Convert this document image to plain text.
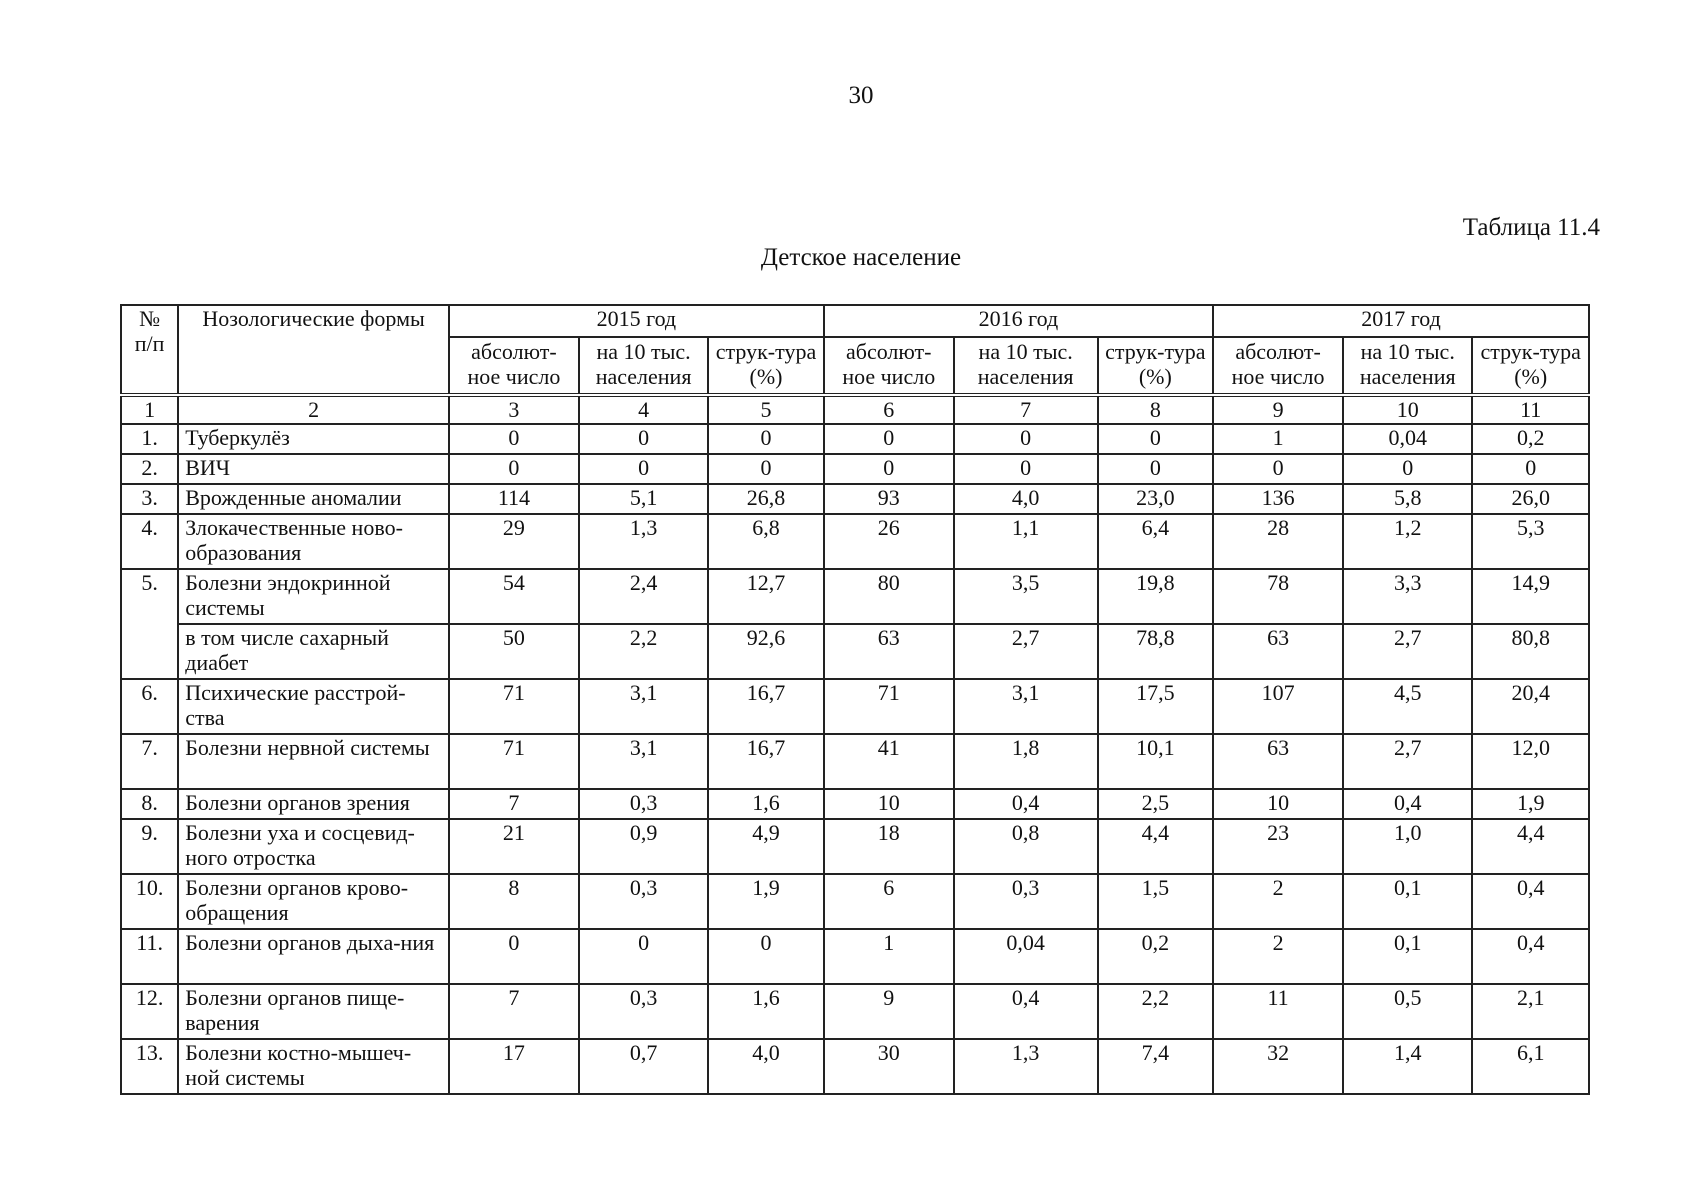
30
Таблица 11.4
Детское население
№ п/п	Нозологические формы	2015 год			2016 год			2017 год		
		абсолют-ное число	на 10 тыс. населения	струк-тура (%)	абсолют-ное число	на 10 тыс. населения	струк-тура (%)	абсолют-ное число	на 10 тыс. населения	струк-тура (%)
1	2	3	4	5	6	7	8	9	10	11
1.	Туберкулёз	0	0	0	0	0	0	1	0,04	0,2
2.	ВИЧ	0	0	0	0	0	0	0	0	0
3.	Врожденные аномалии	114	5,1	26,8	93	4,0	23,0	136	5,8	26,0
4.	Злокачественные ново-образования	29	1,3	6,8	26	1,1	6,4	28	1,2	5,3
5.	Болезни эндокринной системы	54	2,4	12,7	80	3,5	19,8	78	3,3	14,9
	в том числе сахарный диабет	50	2,2	92,6	63	2,7	78,8	63	2,7	80,8
6.	Психические расстрой-ства	71	3,1	16,7	71	3,1	17,5	107	4,5	20,4
7.	Болезни нервной системы	71	3,1	16,7	41	1,8	10,1	63	2,7	12,0
8.	Болезни органов зрения	7	0,3	1,6	10	0,4	2,5	10	0,4	1,9
9.	Болезни уха и сосцевид-ного отростка	21	0,9	4,9	18	0,8	4,4	23	1,0	4,4
10.	Болезни органов крово-обращения	8	0,3	1,9	6	0,3	1,5	2	0,1	0,4
11.	Болезни органов дыха-ния	0	0	0	1	0,04	0,2	2	0,1	0,4
12.	Болезни органов пище-варения	7	0,3	1,6	9	0,4	2,2	11	0,5	2,1
13.	Болезни костно-мышеч-ной системы	17	0,7	4,0	30	1,3	7,4	32	1,4	6,1
